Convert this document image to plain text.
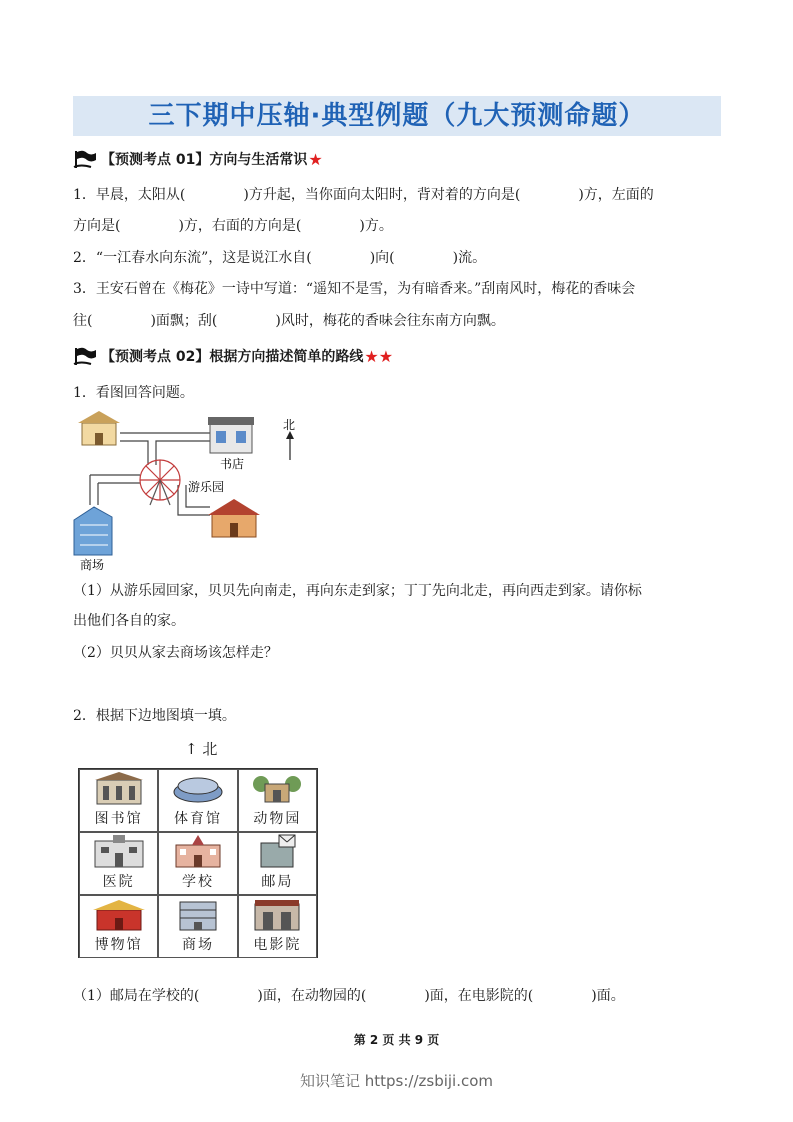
三下期中压轴·典型例题（九大预测命题）
【预测考点 01】方向与生活常识 ★
1．早晨，太阳从(	)方升起，当你面向太阳时，背对着的方向是(	)方，左面的
方向是(	)方，右面的方向是(	)方。
2．“一江春水向东流”，这是说江水自(	)向(	)流。
3．王安石曾在《梅花》一诗中写道：“遥知不是雪，为有暗香来。”刮南风时，梅花的香味会
往(	)面飘；刮(	)风时，梅花的香味会往东南方向飘。
【预测考点 02】根据方向描述简单的路线 ★★
1．看图回答问题。
书店
北
游乐园
商场
（1）从游乐园回家，贝贝先向南走，再向东走到家；丁丁先向北走，再向西走到家。请你标
出他们各自的家。
（2）贝贝从家去商场该怎样走？
2．根据下边地图填一填。
↑ 北
图书馆 体育馆 动物园
医院	学校	邮局
博物馆	商场	电影院
（1）邮局在学校的(	)面，在动物园的(	)面，在电影院的(	)面。
第 2 页 共 9 页
知识笔记 https://zsbiji.com
